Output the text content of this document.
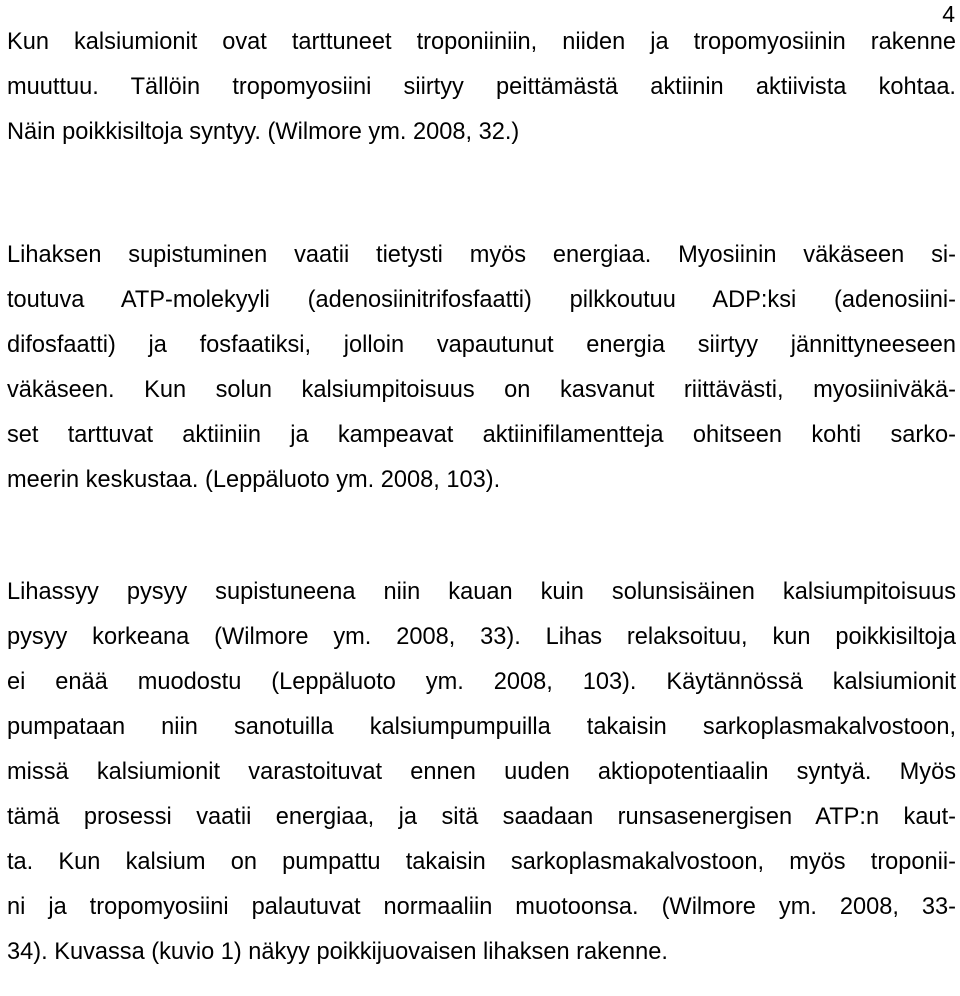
4
Kun kalsiumionit ovat tarttuneet troponiiniin, niiden ja tropomyosiinin rakenne
muuttuu. Tällöin tropomyosiini siirtyy peittämästä aktiinin aktiivista kohtaa.
Näin poikkisiltoja syntyy. (Wilmore ym. 2008, 32.)
Lihaksen supistuminen vaatii tietysti myös energiaa. Myosiinin väkäseen si-
toutuva ATP-molekyyli (adenosiinitrifosfaatti) pilkkoutuu ADP:ksi (adenosiini-
difosfaatti) ja fosfaatiksi, jolloin vapautunut energia siirtyy jännittyneeseen
väkäseen. Kun solun kalsiumpitoisuus on kasvanut riittävästi, myosiiniväkä-
set tarttuvat aktiiniin ja kampeavat aktiinifilamentteja ohitseen kohti sarko-
meerin keskustaa. (Leppäluoto ym. 2008, 103).
Lihassyy pysyy supistuneena niin kauan kuin solunsisäinen kalsiumpitoisuus
pysyy korkeana (Wilmore ym. 2008, 33). Lihas relaksoituu, kun poikkisiltoja
ei enää muodostu (Leppäluoto ym. 2008, 103). Käytännössä kalsiumionit
pumpataan niin sanotuilla kalsiumpumpuilla takaisin sarkoplasmakalvostoon,
missä kalsiumionit varastoituvat ennen uuden aktiopotentiaalin syntyä. Myös
tämä prosessi vaatii energiaa, ja sitä saadaan runsasenergisen ATP:n kaut-
ta. Kun kalsium on pumpattu takaisin sarkoplasmakalvostoon, myös troponii-
ni ja tropomyosiini palautuvat normaaliin muotoonsa. (Wilmore ym. 2008, 33-
34). Kuvassa (kuvio 1) näkyy poikkijuovaisen lihaksen rakenne.
